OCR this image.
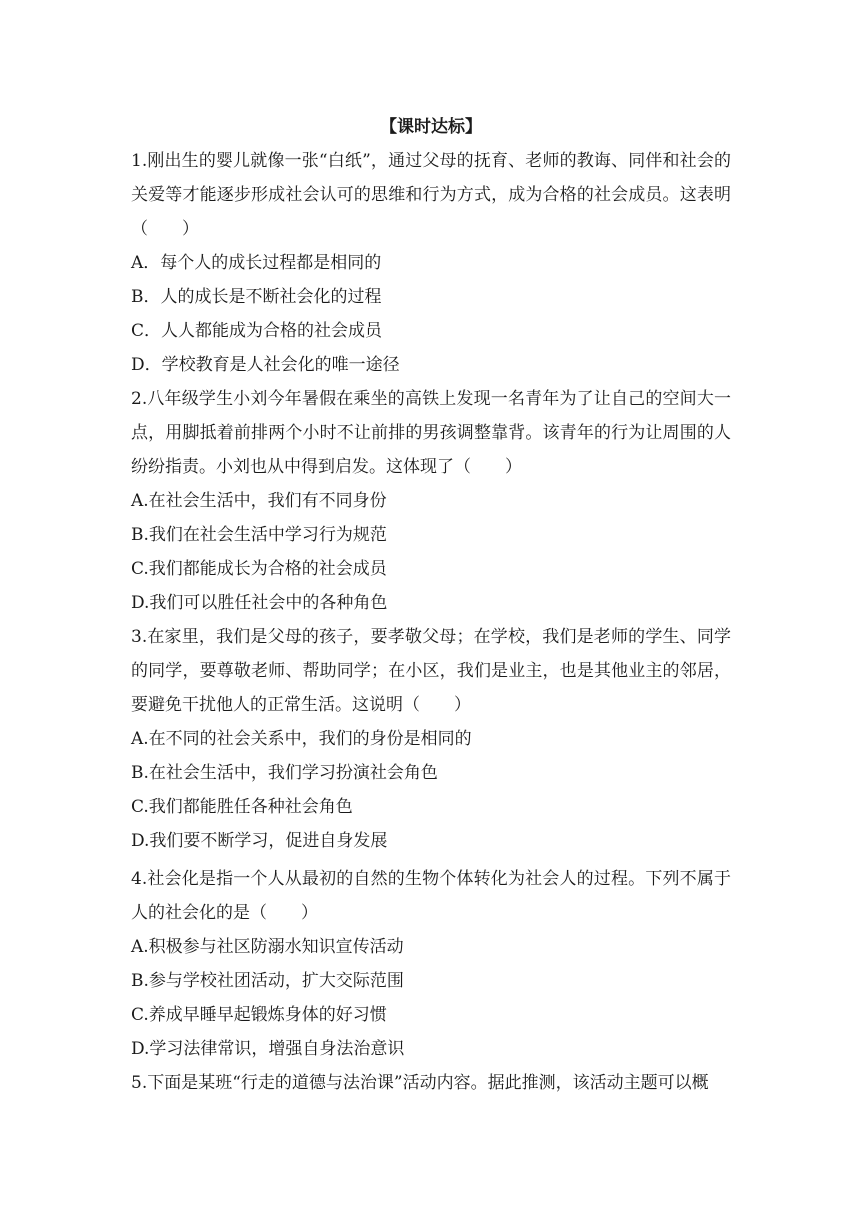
【课时达标】
1.刚出生的婴儿就像一张“白纸”，通过父母的抚育、老师的教诲、同伴和社会的关爱等才能逐步形成社会认可的思维和行为方式，成为合格的社会成员。这表明（　　）
A．每个人的成长过程都是相同的
B．人的成长是不断社会化的过程
C．人人都能成为合格的社会成员
D．学校教育是人社会化的唯一途径
2.八年级学生小刘今年暑假在乘坐的高铁上发现一名青年为了让自己的空间大一点，用脚抵着前排两个小时不让前排的男孩调整靠背。该青年的行为让周围的人纷纷指责。小刘也从中得到启发。这体现了（　　）
A.在社会生活中，我们有不同身份
B.我们在社会生活中学习行为规范
C.我们都能成长为合格的社会成员
D.我们可以胜任社会中的各种角色
3.在家里，我们是父母的孩子，要孝敬父母；在学校，我们是老师的学生、同学的同学，要尊敬老师、帮助同学；在小区，我们是业主，也是其他业主的邻居，要避免干扰他人的正常生活。这说明（　　）
A.在不同的社会关系中，我们的身份是相同的
B.在社会生活中，我们学习扮演社会角色
C.我们都能胜任各种社会角色
D.我们要不断学习，促进自身发展
4.社会化是指一个人从最初的自然的生物个体转化为社会人的过程。下列不属于人的社会化的是（　　）
A.积极参与社区防溺水知识宣传活动
B.参与学校社团活动，扩大交际范围
C.养成早睡早起锻炼身体的好习惯
D.学习法律常识，增强自身法治意识
5.下面是某班“行走的道德与法治课”活动内容。据此推测，该活动主题可以概
